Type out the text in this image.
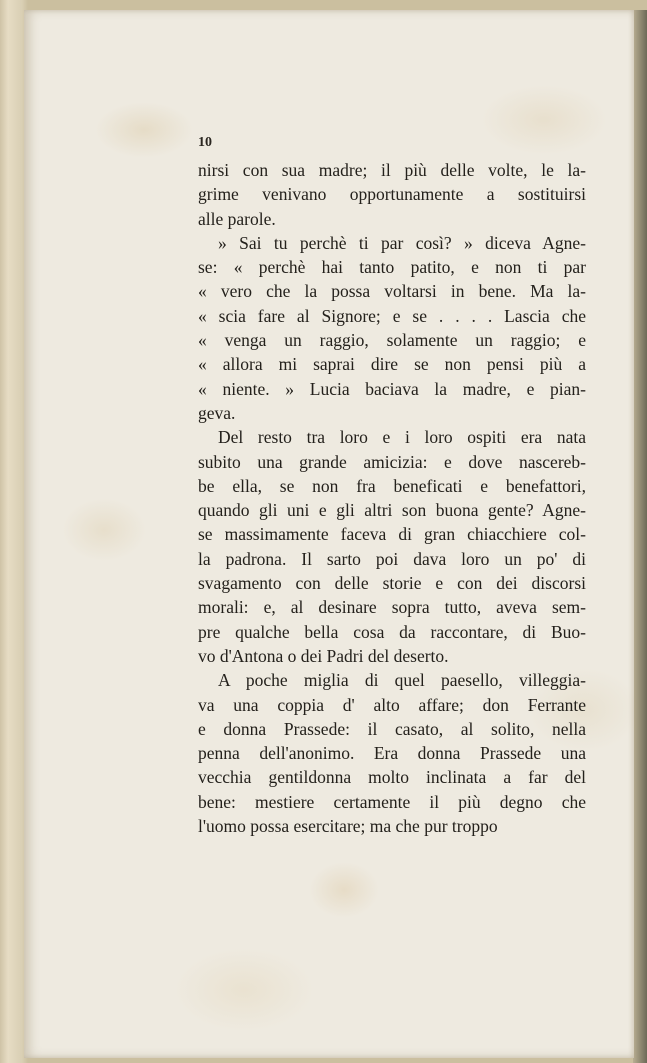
10
nirsi con sua madre; il più delle volte, le la-
grime venivano opportunamente a sostituirsi
alle parole.
» Sai tu perchè ti par così? » diceva Agne-
se: « perchè hai tanto patito, e non ti par
« vero che la possa voltarsi in bene. Ma la-
« scia fare al Signore; e se . . . . Lascia che
« venga un raggio, solamente un raggio; e
« allora mi saprai dire se non pensi più a
« niente. » Lucia baciava la madre, e pian-
geva.
Del resto tra loro e i loro ospiti era nata
subito una grande amicizia: e dove nascereb-
be ella, se non fra beneficati e benefattori,
quando gli uni e gli altri son buona gente? Agne-
se massimamente faceva di gran chiacchiere col-
la padrona. Il sarto poi dava loro un po' di
svagamento con delle storie e con dei discorsi
morali: e, al desinare sopra tutto, aveva sem-
pre qualche bella cosa da raccontare, di Buo-
vo d'Antona o dei Padri del deserto.
A poche miglia di quel paesello, villeggia-
va una coppia d' alto affare; don Ferrante
e donna Prassede: il casato, al solito, nella
penna dell'anonimo. Era donna Prassede una
vecchia gentildonna molto inclinata a far del
bene: mestiere certamente il più degno che
l'uomo possa esercitare; ma che pur troppo
